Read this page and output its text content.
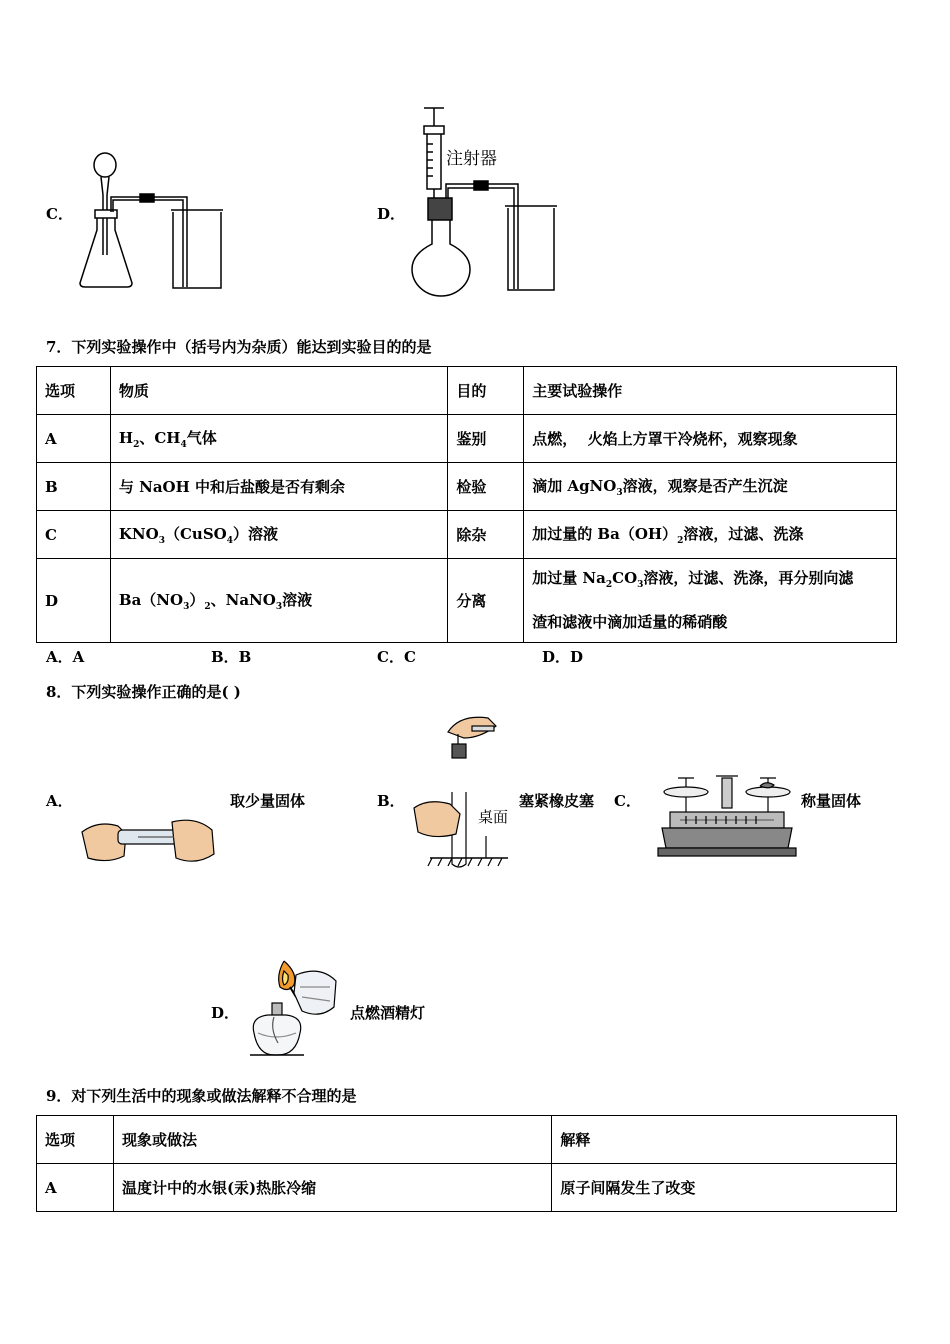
C．	D．
注射器
7．下列实验操作中（括号内为杂质）能达到实验目的的是
选项	物质	目的	主要试验操作
A	$H_2$、$CH_4$气体	鉴别	点燃，  火焰上方罩干冷烧杯，观察现象
B	与 NaOH 中和后盐酸是否有剩余	检验	滴加 AgNO$_3$溶液，观察是否产生沉淀
C	$KNO_3(CuSO_4)$溶液	除杂	加过量的 $Ba(OH)_2$溶液，过滤、洗涤
D	$Ba(NO_3)_2$、NaNO$_3$溶液	分离	加过量 $Na_2CO_3$溶液，过滤、洗涤，再分别向滤
渣和滤液中滴加适量的稀硝酸
A．A	B．B	C．C	D．D
8．下列实验操作正确的是( )
A．	取少量固体	B．
桌面
塞紧橡皮塞 C．	称量固体
D．	点燃酒精灯
9．对下列生活中的现象或做法解释不合理的是
选项	现象或做法	解释
A	温度计中的水银(汞)热胀冷缩	原子间隔发生了改变
